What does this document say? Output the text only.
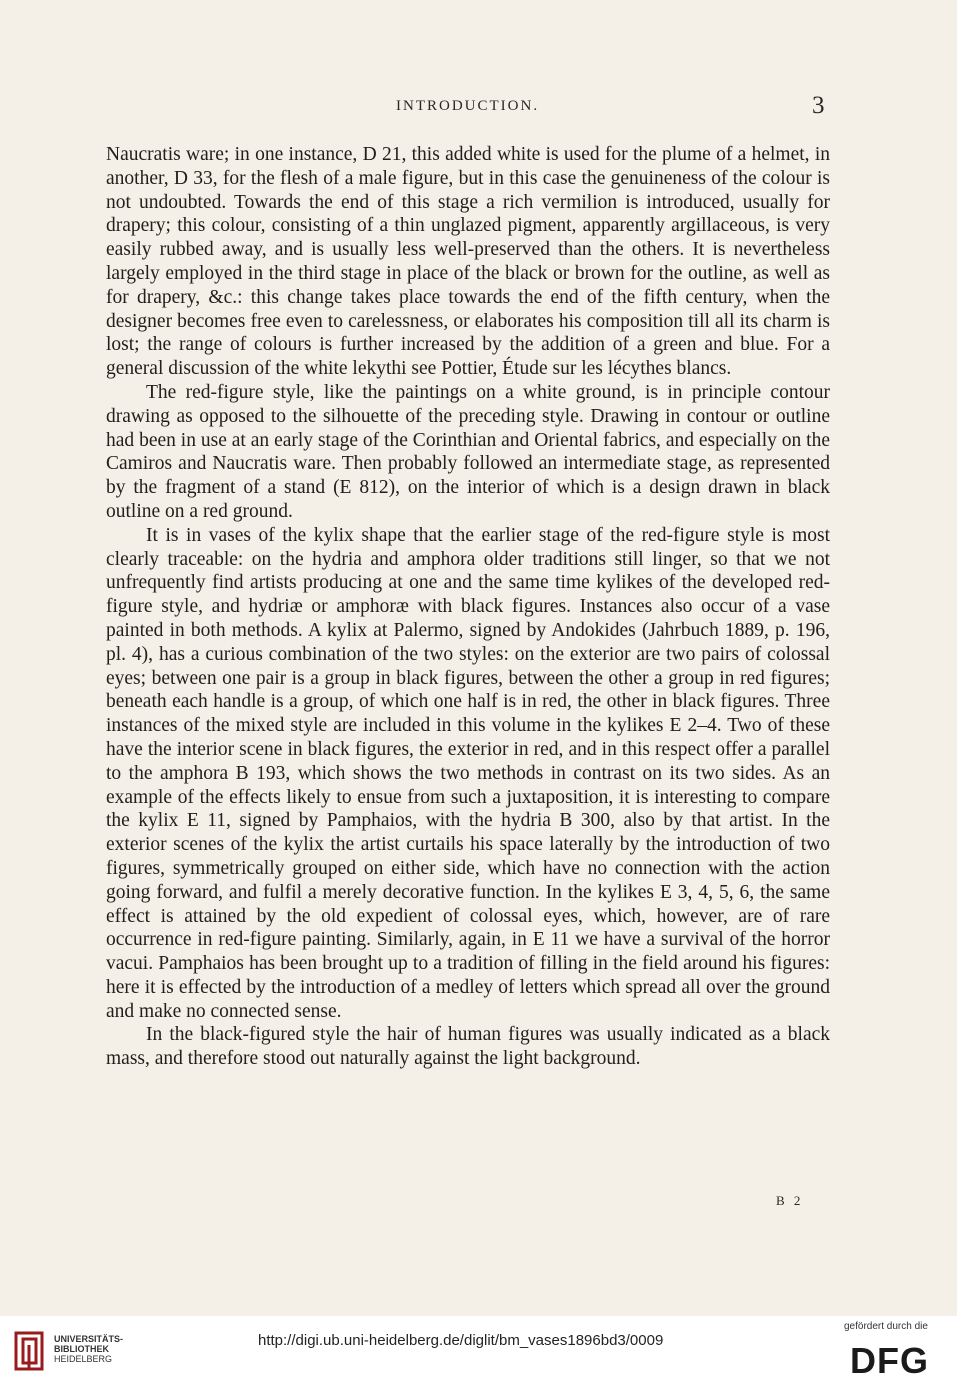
INTRODUCTION.	3

Naucratis ware; in one instance, D 21, this added white is used for the plume of a helmet, in another, D 33, for the flesh of a male figure, but in this case the genuineness of the colour is not undoubted. Towards the end of this stage a rich vermilion is introduced, usually for drapery; this colour, consisting of a thin unglazed pigment, apparently argillaceous, is very easily rubbed away, and is usually less well-preserved than the others. It is nevertheless largely employed in the third stage in place of the black or brown for the outline, as well as for drapery, &c.: this change takes place towards the end of the fifth century, when the designer becomes free even to carelessness, or elaborates his composition till all its charm is lost; the range of colours is further increased by the addition of a green and blue. For a general discussion of the white lekythi see Pottier, Étude sur les lécythes blancs.

The red-figure style, like the paintings on a white ground, is in principle contour drawing as opposed to the silhouette of the preceding style. Drawing in contour or outline had been in use at an early stage of the Corinthian and Oriental fabrics, and especially on the Camiros and Naucratis ware. Then probably followed an intermediate stage, as represented by the fragment of a stand (E 812), on the interior of which is a design drawn in black outline on a red ground.

It is in vases of the kylix shape that the earlier stage of the red-figure style is most clearly traceable: on the hydria and amphora older traditions still linger, so that we not unfrequently find artists producing at one and the same time kylikes of the developed red-figure style, and hydriæ or amphoræ with black figures. Instances also occur of a vase painted in both methods. A kylix at Palermo, signed by Andokides (Jahrbuch 1889, p. 196, pl. 4), has a curious combination of the two styles: on the exterior are two pairs of colossal eyes; between one pair is a group in black figures, between the other a group in red figures; beneath each handle is a group, of which one half is in red, the other in black figures. Three instances of the mixed style are included in this volume in the kylikes E 2–4. Two of these have the interior scene in black figures, the exterior in red, and in this respect offer a parallel to the amphora B 193, which shows the two methods in contrast on its two sides. As an example of the effects likely to ensue from such a juxtaposition, it is interesting to compare the kylix E 11, signed by Pamphaios, with the hydria B 300, also by that artist. In the exterior scenes of the kylix the artist curtails his space laterally by the introduction of two figures, symmetrically grouped on either side, which have no connection with the action going forward, and fulfil a merely decorative function. In the kylikes E 3, 4, 5, 6, the same effect is attained by the old expedient of colossal eyes, which, however, are of rare occurrence in red-figure painting. Similarly, again, in E 11 we have a survival of the horror vacui. Pamphaios has been brought up to a tradition of filling in the field around his figures: here it is effected by the introduction of a medley of letters which spread all over the ground and make no connected sense.

In the black-figured style the hair of human figures was usually indicated as a black mass, and therefore stood out naturally against the light background.

B 2
UNIVERSITÄTS-
BIBLIOTHEK
HEIDELBERG
http://digi.ub.uni-heidelberg.de/diglit/bm_vases1896bd3/0009
gefördert durch die
DFG
